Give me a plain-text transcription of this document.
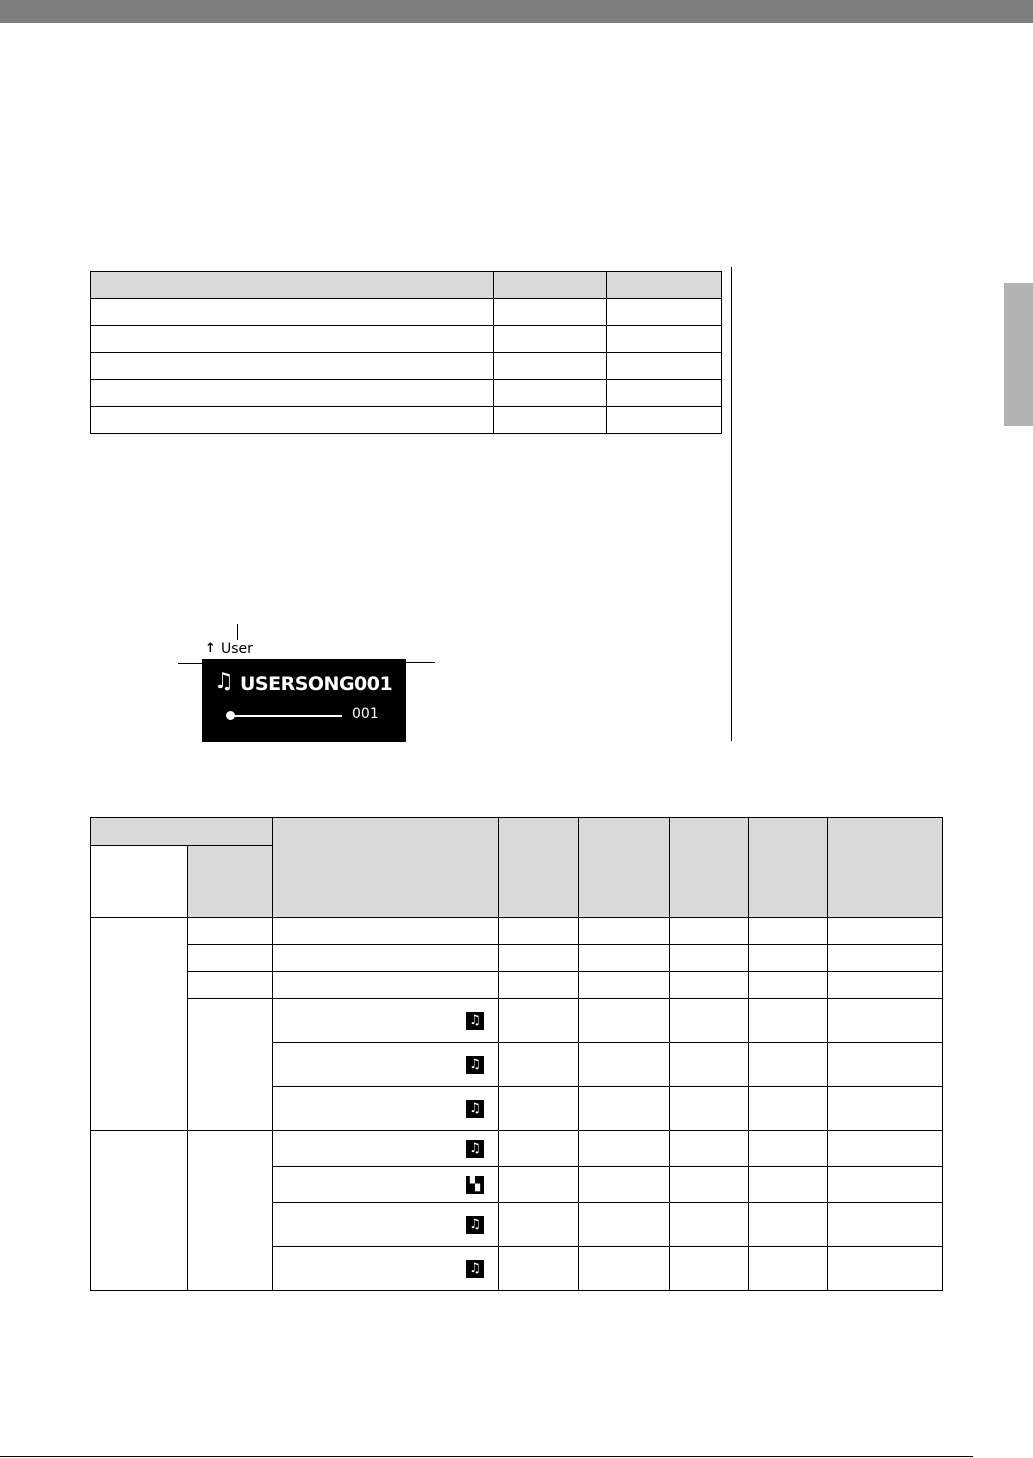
↑ User
♫ USERSONG001
001

		♫					

		♫					

		♫					

		♫					

		▚					

		♫					

		♫					
